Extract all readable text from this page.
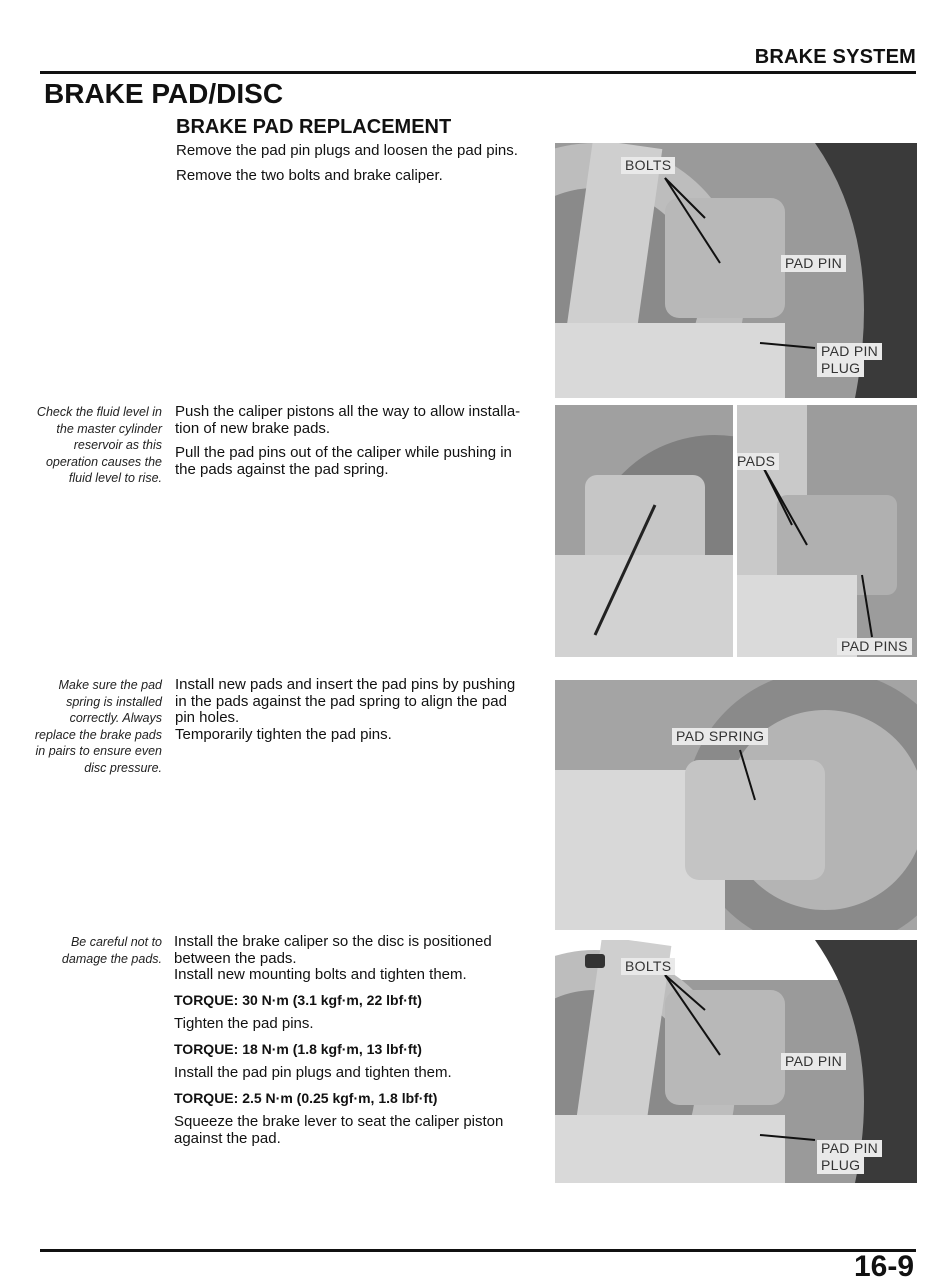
BRAKE SYSTEM
BRAKE PAD/DISC
BRAKE PAD REPLACEMENT

Remove the pad pin plugs and loosen the pad pins.

Remove the two bolts and brake caliper.

BOLTS
PAD PIN
PAD PIN
PLUG
Check the fluid level in the master cylinder reservoir as this operation causes the fluid level to rise.

Push the caliper pistons all the way to allow installa-

tion of new brake pads.

Pull the pad pins out of the caliper while pushing in

the pads against the pad spring.	PADS
PAD PINS
Make sure the pad spring is installed correctly. Always replace the brake pads in pairs to ensure even disc pressure.

Install new pads and insert the pad pins by pushing

in the pads against the pad spring to align the pad

pin holes.

Temporarily tighten the pad pins.	PAD SPRING
Be careful not to damage the pads.

Install the brake caliper so the disc is positioned

between the pads.

Install new mounting bolts and tighten them.

TORQUE: 30 N·m (3.1 kgf·m, 22 lbf·ft)

Tighten the pad pins.

TORQUE: 18 N·m (1.8 kgf·m, 13 lbf·ft)

Install the pad pin plugs and tighten them.

TORQUE: 2.5 N·m (0.25 kgf·m, 1.8 lbf·ft)

Squeeze the brake lever to seat the caliper piston

against the pad.

BOLTS
PAD PIN
PAD PIN
PLUG
16-9
